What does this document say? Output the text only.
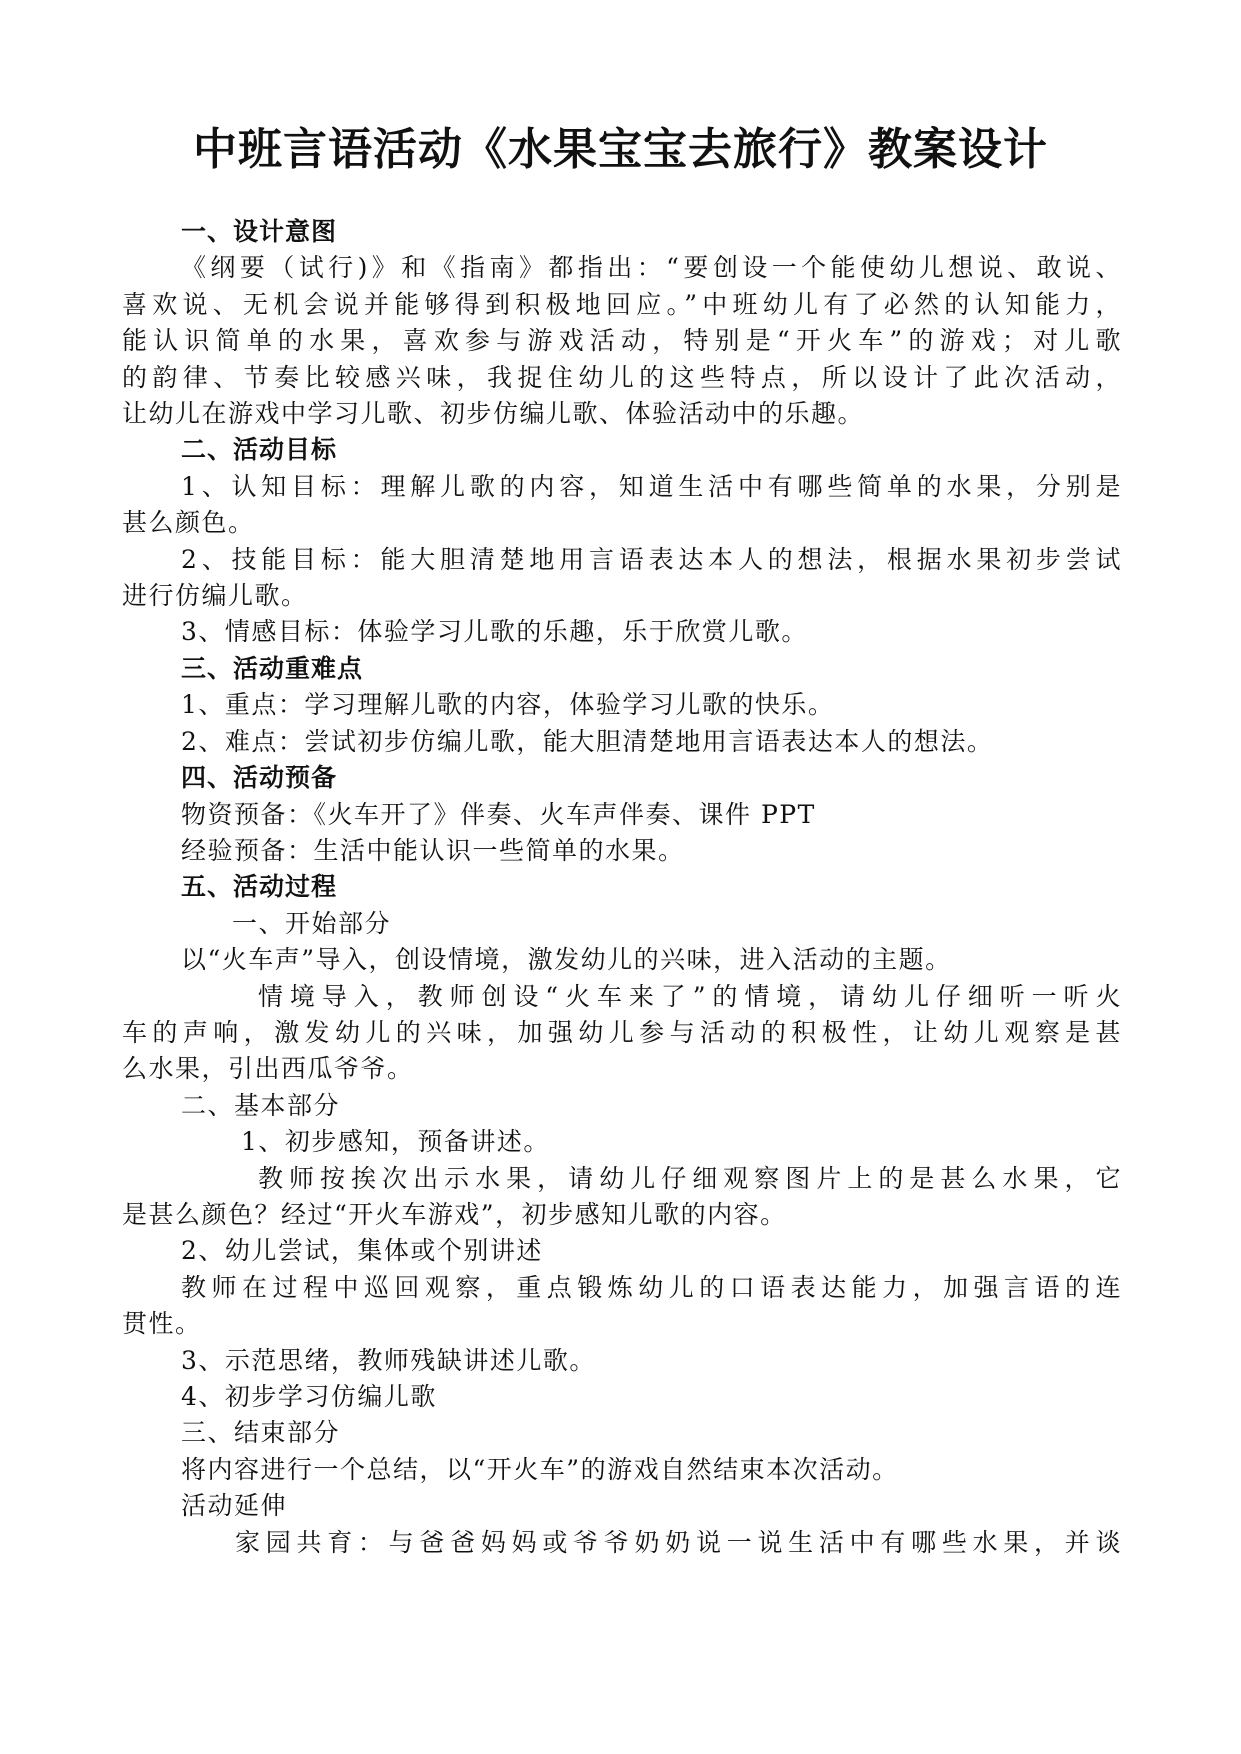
中班言语活动《水果宝宝去旅行》教案设计
一、设计意图
《纲要（试行)》和《指南》都指出：“要创设一个能使幼儿想说、敢说、
喜欢说、无机会说并能够得到积极地回应。”中班幼儿有了必然的认知能力，
能认识简单的水果，喜欢参与游戏活动，特别是“开火车”的游戏；对儿歌
的韵律、节奏比较感兴味，我捉住幼儿的这些特点，所以设计了此次活动，
让幼儿在游戏中学习儿歌、初步仿编儿歌、体验活动中的乐趣。
二、活动目标
1、认知目标：理解儿歌的内容，知道生活中有哪些简单的水果，分别是
甚么颜色。
2、技能目标：能大胆清楚地用言语表达本人的想法，根据水果初步尝试
进行仿编儿歌。
3、情感目标：体验学习儿歌的乐趣，乐于欣赏儿歌。
三、活动重难点
1、重点：学习理解儿歌的内容，体验学习儿歌的快乐。
2、难点：尝试初步仿编儿歌，能大胆清楚地用言语表达本人的想法。
四、活动预备
物资预备：《火车开了》伴奏、火车声伴奏、课件 PPT
经验预备：生活中能认识一些简单的水果。
五、活动过程
一、开始部分
以“火车声”导入，创设情境，激发幼儿的兴味，进入活动的主题。
情境导入，教师创设“火车来了”的情境，请幼儿仔细听一听火
车的声响，激发幼儿的兴味，加强幼儿参与活动的积极性，让幼儿观察是甚
么水果，引出西瓜爷爷。
二、基本部分
1、初步感知，预备讲述。
教师按挨次出示水果，请幼儿仔细观察图片上的是甚么水果，它
是甚么颜色？经过“开火车游戏”，初步感知儿歌的内容。
2、幼儿尝试，集体或个别讲述
教师在过程中巡回观察，重点锻炼幼儿的口语表达能力，加强言语的连
贯性。
3、示范思绪，教师残缺讲述儿歌。
4、初步学习仿编儿歌
三、结束部分
将内容进行一个总结，以“开火车”的游戏自然结束本次活动。
活动延伸
家园共育：与爸爸妈妈或爷爷奶奶说一说生活中有哪些水果，并谈
